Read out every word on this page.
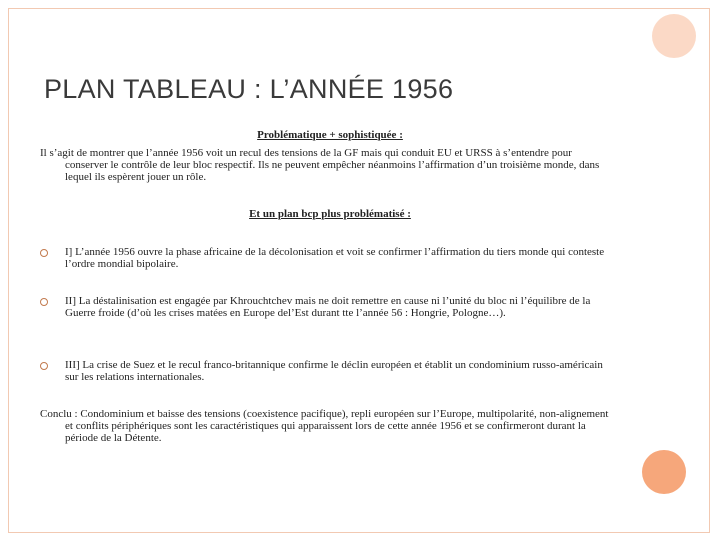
PLAN TABLEAU : L’ANNÉE 1956
Problématique + sophistiquée :

Il s’agit de montrer que l’année 1956 voit un recul des tensions de la GF mais qui conduit EU et URSS à s’entendre pour conserver le contrôle de leur bloc respectif. Ils ne peuvent empêcher néanmoins l’affirmation d’un troisième monde, dans lequel ils espèrent jouer un rôle.

Et un plan bcp plus problématisé :
I] L’année 1956 ouvre la phase africaine de la décolonisation et voit se confirmer l’affirmation du tiers monde qui conteste l’ordre mondial bipolaire.
II] La déstalinisation est engagée par Khrouchtchev mais ne doit remettre en cause ni l’unité du bloc ni l’équilibre de la Guerre froide (d’où les crises matées en Europe del’Est durant tte l’année 56 : Hongrie, Pologne…).
III] La crise de Suez et le recul franco-britannique confirme le déclin européen et établit un condominium russo-américain sur les relations internationales.

Conclu : Condominium et baisse des tensions (coexistence pacifique), repli européen sur l’Europe, multipolarité, non-alignement et conflits périphériques sont les caractéristiques qui apparaissent lors de cette année 1956 et se confirmeront durant la période de la Détente.
